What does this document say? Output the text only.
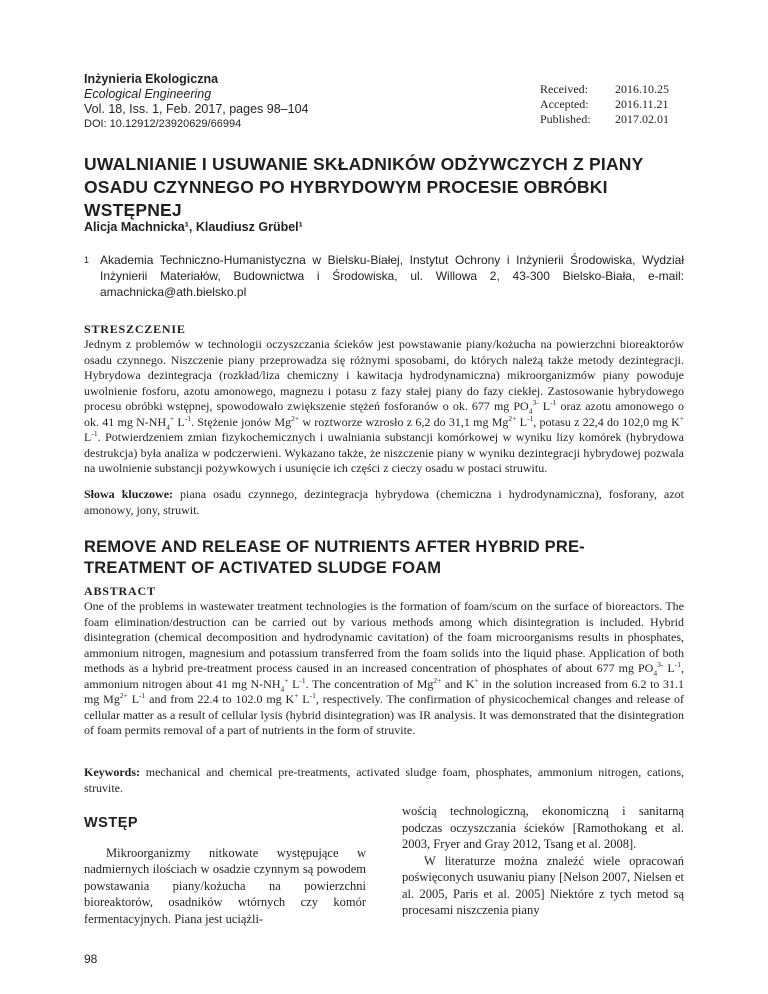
Inżynieria Ekologiczna
Ecological Engineering
Vol. 18, Iss. 1, Feb. 2017, pages 98–104
DOI: 10.12912/23920629/66994
Received:	2016.10.25
Accepted:	2016.11.21
Published:	2017.02.01
UWALNIANIE I USUWANIE SKŁADNIKÓW ODŻYWCZYCH Z PIANY OSADU CZYNNEGO PO HYBRYDOWYM PROCESIE OBRÓBKI WSTĘPNEJ
Alicja Machnicka¹, Klaudiusz Grübel¹
1 Akademia Techniczno-Humanistyczna w Bielsku-Białej, Instytut Ochrony i Inżynierii Środowiska, Wydział Inżynierii Materiałów, Budownictwa i Środowiska, ul. Willowa 2, 43-300 Bielsko-Biała, e-mail: amachnicka@ath.bielsko.pl
STRESZCZENIE

Jednym z problemów w technologii oczyszczania ścieków jest powstawanie piany/kożucha na powierzchni bioreaktorów osadu czynnego. Niszczenie piany przeprowadza się różnymi sposobami, do których należą także metody dezintegracji. Hybrydowa dezintegracja (rozkład/liza chemiczny i kawitacja hydrodynamiczna) mikroorganizmów piany powoduje uwolnienie fosforu, azotu amonowego, magnezu i potasu z fazy stałej piany do fazy ciekłej. Zastosowanie hybrydowego procesu obróbki wstępnej, spowodowało zwiększenie stężeń fosforanów o ok. 677 mg $PO_4^{3-}$ $L^{-1}$ oraz azotu amonowego o ok. 41 mg $N-NH_4^+$ $L^{-1}$. Stężenie jonów $Mg^{2+}$ w roztworze wzrosło z 6,2 do 31,1 mg $Mg^{2+}$ $L^{-1}$, potasu z 22,4 do 102,0 mg K+ $L^{-1}$. Potwierdzeniem zmian fizykochemicznych i uwalniania substancji komórkowej w wyniku lizy komórek (hybrydowa destrukcja) była analiza w podczerwieni. Wykazano także, że niszczenie piany w wyniku dezintegracji hybrydowej pozwala na uwolnienie substancji pożywkowych i usunięcie ich części z cieczy osadu w postaci struwitu.

Słowa kluczowe: piana osadu czynnego, dezintegracja hybrydowa (chemiczna i hydrodynamiczna), fosforany, azot amonowy, jony, struwit.

REMOVE AND RELEASE OF NUTRIENTS AFTER HYBRID PRE-TREATMENT OF ACTIVATED SLUDGE FOAM
ABSTRACT

One of the problems in wastewater treatment technologies is the formation of foam/scum on the surface of bioreactors. The foam elimination/destruction can be carried out by various methods among which disintegration is included. Hybrid disintegration (chemical decomposition and hydrodynamic cavitation) of the foam microorganisms results in phosphates, ammonium nitrogen, magnesium and potassium transferred from the foam solids into the liquid phase. Application of both methods as a hybrid pre-treatment process caused in an increased concentration of phosphates of about 677 mg $PO_4^{3-}$ $L^{-1}$, ammonium nitrogen about 41 mg $N-NH_4^+$ $L^{-1}$. The concentration of $Mg^{2+}$ and K+ in the solution increased from 6.2 to 31.1 mg $Mg^{2+}$ $L^{-1}$ and from 22.4 to 102.0 mg K+ $L^{-1}$, respectively. The confirmation of physicochemical changes and release of cellular matter as a result of cellular lysis (hybrid disintegration) was IR analysis. It was demonstrated that the disintegration of foam permits removal of a part of nutrients in the form of struvite.

Keywords: mechanical and chemical pre-treatments, activated sludge foam, phosphates, ammonium nitrogen, cations, struvite.

WSTĘP

Mikroorganizmy nitkowate występujące w nadmiernych ilościach w osadzie czynnym są powodem powstawania piany/kożucha na powierzchni bioreaktorów, osadników wtórnych czy komór fermentacyjnych. Piana jest uciążli-

wością technologiczną, ekonomiczną i sanitarną podczas oczyszczania ścieków [Ramothokang et al. 2003, Fryer and Gray 2012, Tsang et al. 2008].

W literaturze można znaleźć wiele opracowań poświęconych usuwaniu piany [Nelson 2007, Nielsen et al. 2005, Paris et al. 2005] Niektóre z tych metod są procesami niszczenia piany

98
